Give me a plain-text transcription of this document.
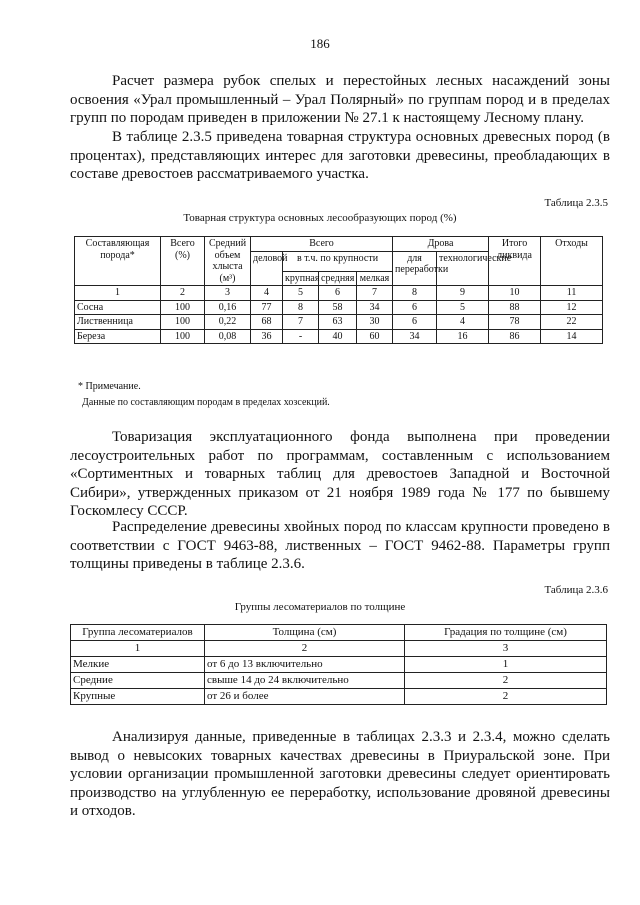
186

Расчет размера рубок спелых и перестойных лесных насаждений зоны освоения «Урал промышленный – Урал Полярный» по группам пород и в пределах групп по породам приведен в приложении № 27.1 к настоящему Лесному плану.

В таблице 2.3.5 приведена товарная структура основных древесных пород (в процентах), представляющих интерес для заготовки древесины, преобладающих в составе древостоев рассматриваемого участка.

Таблица 2.3.5
Товарная структура основных лесообразующих пород (%)
Составляющая порода*	Всего (%)	Средний объем хлыста (м³)	Всего				Дрова		Итого ликвида	Отходы
			деловой	в т.ч. по крупности			для переработки	технологические		
				крупная	средняя	мелкая				
1	2	3	4	5	6	7	8	9	10	11
Сосна	100	0,16	77	8	58	34	6	5	88	12
Лиственница	100	0,22	68	7	63	30	6	4	78	22
Береза	100	0,08	36	-	40	60	34	16	86	14
* Примечание.
Данные по составляющим породам в пределах хозсекций.

Товаризация эксплуатационного фонда выполнена при проведении лесоустроительных работ по программам, составленным с использованием «Сортиментных и товарных таблиц для древостоев Западной и Восточной Сибири», утвержденных приказом от 21 ноября 1989 года № 177 по бывшему Госкомлесу СССР.

Распределение древесины хвойных пород по классам крупности проведено в соответствии с ГОСТ 9463-88, лиственных – ГОСТ 9462-88. Параметры групп толщины приведены в таблице 2.3.6.

Таблица 2.3.6
Группы лесоматериалов по толщине
Группа лесоматериалов	Толщина (см)	Градация по толщине (см)
1	2	3
Мелкие	от 6 до 13 включительно	1
Средние	свыше 14 до 24 включительно	2
Крупные	от 26 и более	2

Анализируя данные, приведенные в таблицах 2.3.3 и 2.3.4, можно сделать вывод о невысоких товарных качествах древесины в Приуральской зоне. При условии организации промышленной заготовки древесины следует ориентировать производство на углубленную ее переработку, использование дровяной древесины и отходов.
